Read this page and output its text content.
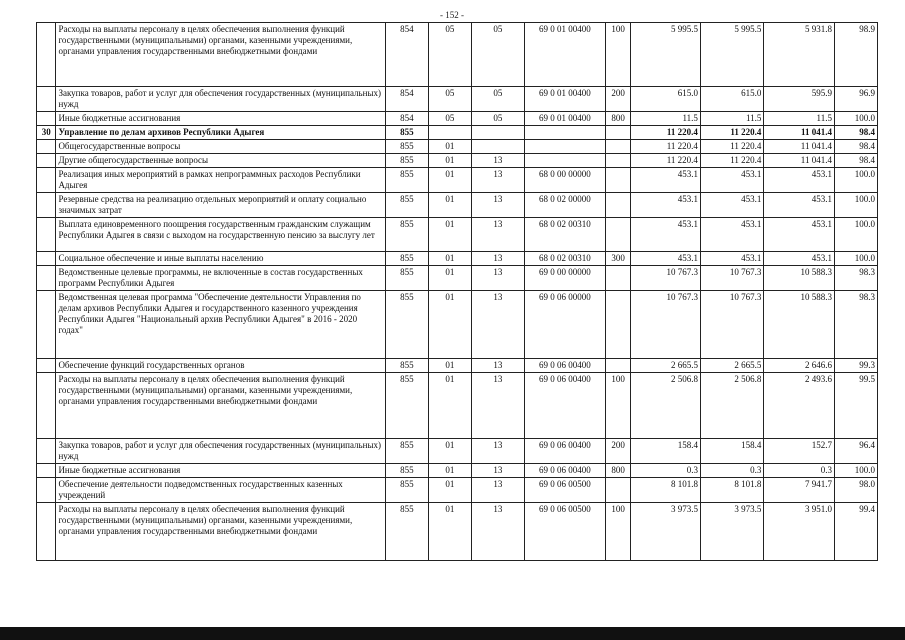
- 152 -
	Расходы на выплаты персоналу в целях обеспечения выполнения функций государственными (муниципальными) органами, казенными учреждениями, органами управления государственными внебюджетными фондами	854	05	05	69 0 01 00400	100	5 995.5	5 995.5	5 931.8	98.9
	Закупка товаров, работ и услуг для обеспечения государственных (муниципальных) нужд	854	05	05	69 0 01 00400	200	615.0	615.0	595.9	96.9
	Иные бюджетные ассигнования	854	05	05	69 0 01 00400	800	11.5	11.5	11.5	100.0
30	Управление по делам архивов Республики Адыгея	855					11 220.4	11 220.4	11 041.4	98.4
	Общегосударственные вопросы	855	01				11 220.4	11 220.4	11 041.4	98.4
	Другие общегосударственные вопросы	855	01	13			11 220.4	11 220.4	11 041.4	98.4
	Реализация иных мероприятий в рамках непрограммных расходов Республики Адыгея	855	01	13	68 0 00 00000		453.1	453.1	453.1	100.0
	Резервные средства на реализацию отдельных мероприятий и оплату социально значимых затрат	855	01	13	68 0 02 00000		453.1	453.1	453.1	100.0
	Выплата единовременного поощрения государственным гражданским служащим Республики Адыгея в связи с выходом на государственную пенсию за выслугу лет	855	01	13	68 0 02 00310		453.1	453.1	453.1	100.0
	Социальное обеспечение и иные выплаты населению	855	01	13	68 0 02 00310	300	453.1	453.1	453.1	100.0
	Ведомственные целевые программы, не включенные в состав государственных программ Республики Адыгея	855	01	13	69 0 00 00000		10 767.3	10 767.3	10 588.3	98.3
	Ведомственная целевая программа "Обеспечение деятельности Управления по делам архивов Республики Адыгея и государственного казенного учреждения Республики Адыгея "Национальный архив Республики Адыгея" в 2016 - 2020 годах"	855	01	13	69 0 06 00000		10 767.3	10 767.3	10 588.3	98.3
	Обеспечение функций государственных органов	855	01	13	69 0 06 00400		2 665.5	2 665.5	2 646.6	99.3
	Расходы на выплаты персоналу в целях обеспечения выполнения функций государственными (муниципальными) органами, казенными учреждениями, органами управления государственными внебюджетными фондами	855	01	13	69 0 06 00400	100	2 506.8	2 506.8	2 493.6	99.5
	Закупка товаров, работ и услуг для обеспечения государственных (муниципальных) нужд	855	01	13	69 0 06 00400	200	158.4	158.4	152.7	96.4
	Иные бюджетные ассигнования	855	01	13	69 0 06 00400	800	0.3	0.3	0.3	100.0
	Обеспечение деятельности подведомственных государственных казенных учреждений	855	01	13	69 0 06 00500		8 101.8	8 101.8	7 941.7	98.0
	Расходы на выплаты персоналу в целях обеспечения выполнения функций государственными (муниципальными) органами, казенными учреждениями, органами управления государственными внебюджетными фондами	855	01	13	69 0 06 00500	100	3 973.5	3 973.5	3 951.0	99.4
